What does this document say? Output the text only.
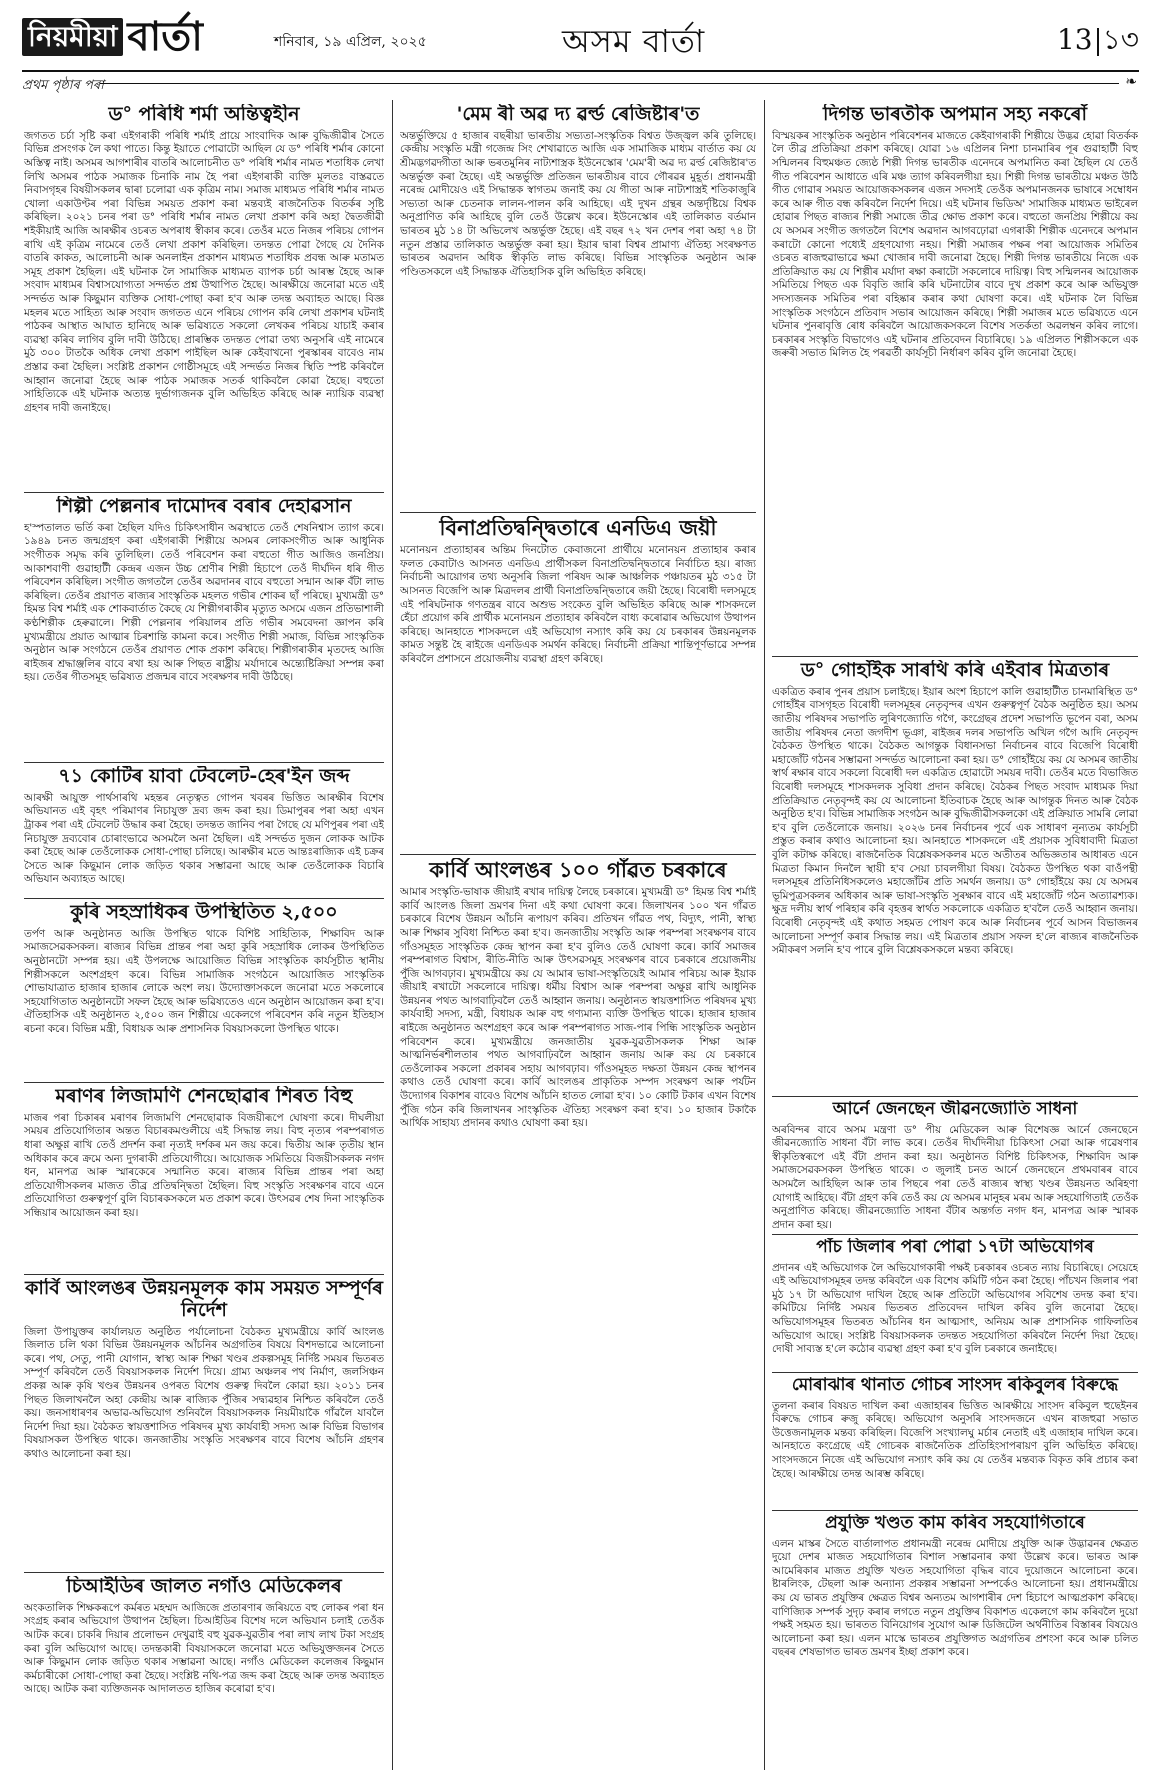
নিয়মীয়া বাৰ্তা	শনিবাৰ, ১৯ এপ্ৰিল, ২০২৫	অসম বাৰ্তা	13 ১৩
প্ৰথম পৃষ্ঠাৰ পৰা	❧
ড° পৰিধি শৰ্মা অন্তিত্বহীন

জগতত চৰ্চা সৃষ্টি কৰা এইগৰাকী পৰিধি শৰ্মাই প্ৰায়ে সাংবাদিক আৰু বুদ্ধিজীৱীৰ সৈতে বিভিন্ন প্ৰসংগক লৈ কথা পাতে। কিন্তু ইয়াতে পোৱাটো আছিল যে ড° পৰিধি শৰ্মাৰ কোনো অস্তিত্ব নাই। অসমৰ আগশাৰীৰ বাতৰি আলোচনীত ড° পৰিধি শৰ্মাৰ নামত শতাধিক লেখা লিখি অসমৰ পাঠক সমাজক চিনাকি নাম হৈ পৰা এইগৰাকী ব্যক্তি মূলতঃ বাস্তৱতে নিবাসগৃহৰ বিষয়ীসকলৰ দ্বাৰা চলোৱা এক কৃত্ৰিম নাম। সমাজ মাধ্যমত পৰিধি শৰ্মাৰ নামত খোলা একাউণ্টৰ পৰা বিভিন্ন সময়ত প্ৰকাশ কৰা মন্তব্যই ৰাজনৈতিক বিতৰ্কৰ সৃষ্টি কৰিছিল। ২০২১ চনৰ পৰা ড° পৰিধি শৰ্মাৰ নামত লেখা প্ৰকাশ কৰি অহা দ্বৈতজীৱী শইকীয়াই আজি আৰক্ষীৰ ওচৰত অপৰাধ স্বীকাৰ কৰে। তেওঁৰ মতে নিজৰ পৰিচয় গোপন ৰাখি এই কৃত্ৰিম নামেৰে তেওঁ লেখা প্ৰকাশ কৰিছিল। তদন্তত পোৱা গৈছে যে দৈনিক বাতৰি কাকত, আলোচনী আৰু অনলাইন প্ৰকাশন মাধ্যমত শতাধিক প্ৰবন্ধ আৰু মতামত সমূহ প্ৰকাশ হৈছিল। এই ঘটনাক লৈ সামাজিক মাধ্যমত ব্যাপক চৰ্চা আৰম্ভ হৈছে আৰু সংবাদ মাধ্যমৰ বিশ্বাসযোগ্যতা সন্দৰ্ভত প্ৰশ্ন উত্থাপিত হৈছে। আৰক্ষীয়ে জনোৱা মতে এই সন্দৰ্ভত আৰু কিছুমান ব্যক্তিক সোধা-পোছা কৰা হ'ব আৰু তদন্ত অব্যাহত আছে। বিজ্ঞ মহলৰ মতে সাহিত্য আৰু সংবাদ জগতত এনে পৰিচয় গোপন কৰি লেখা প্ৰকাশৰ ঘটনাই পাঠকৰ আস্থাত আঘাত হানিছে আৰু ভৱিষ্যতে সকলো লেখকৰ পৰিচয় যাচাই কৰাৰ ব্যৱস্থা কৰিব লাগিব বুলি দাবী উঠিছে। প্ৰাৰম্ভিক তদন্তত পোৱা তথ্য অনুসৰি এই নামেৰে মুঠ ৩০০ টাতকৈ অধিক লেখা প্ৰকাশ পাইছিল আৰু কেইবাখনো পুৰস্কাৰৰ বাবেও নাম প্ৰস্তাৱ কৰা হৈছিল। সংশ্লিষ্ট প্ৰকাশন গোষ্ঠীসমূহে এই সন্দৰ্ভত নিজৰ স্থিতি স্পষ্ট কৰিবলৈ আহ্বান জনোৱা হৈছে আৰু পাঠক সমাজক সতৰ্ক থাকিবলৈ কোৱা হৈছে। বহুতো সাহিত্যিকে এই ঘটনাক অত্যন্ত দুৰ্ভাগ্যজনক বুলি অভিহিত কৰিছে আৰু ন্যায়িক ব্যৱস্থা গ্ৰহণৰ দাবী জনাইছে।

শিল্পী পেল্লনাৰ দামোদৰ বৰাৰ দেহাৱসান

হ'স্পতালত ভৰ্তি কৰা হৈছিল যদিও চিকিৎসাধীন অৱস্থাতে তেওঁ শেষনিশ্বাস ত্যাগ কৰে। ১৯৪৯ চনত জন্মগ্ৰহণ কৰা এইগৰাকী শিল্পীয়ে অসমৰ লোকসংগীত আৰু আধুনিক সংগীতক সমৃদ্ধ কৰি তুলিছিল। তেওঁ পৰিবেশন কৰা বহুতো গীত আজিও জনপ্ৰিয়। আকাশবাণী গুৱাহাটী কেন্দ্ৰৰ এজন উচ্চ শ্ৰেণীৰ শিল্পী হিচাপে তেওঁ দীৰ্ঘদিন ধৰি গীত পৰিবেশন কৰিছিল। সংগীত জগতলৈ তেওঁৰ অৱদানৰ বাবে বহুতো সন্মান আৰু বঁটা লাভ কৰিছিল। তেওঁৰ প্ৰয়াণত ৰাজ্যৰ সাংস্কৃতিক মহলত গভীৰ শোকৰ ছাঁ পৰিছে। মুখ্যমন্ত্ৰী ড° হিমন্ত বিশ্ব শৰ্মাই এক শোকবাৰ্তাত কৈছে যে শিল্পীগৰাকীৰ মৃত্যুত অসমে এজন প্ৰতিভাশালী কণ্ঠশিল্পীক হেৰুৱালে। শিল্পী পেল্লনাৰ পৰিয়ালৰ প্ৰতি গভীৰ সমবেদনা জ্ঞাপন কৰি মুখ্যমন্ত্ৰীয়ে প্ৰয়াত আত্মাৰ চিৰশান্তি কামনা কৰে। সংগীত শিল্পী সমাজ, বিভিন্ন সাংস্কৃতিক অনুষ্ঠান আৰু সংগঠনে তেওঁৰ প্ৰয়াণত শোক প্ৰকাশ কৰিছে। শিল্পীগৰাকীৰ মৃতদেহ আজি ৰাইজৰ শ্ৰদ্ধাঞ্জলিৰ বাবে ৰখা হয় আৰু পিছত ৰাষ্ট্ৰীয় মৰ্যাদাৰে অন্ত্যেষ্টিক্ৰিয়া সম্পন্ন কৰা হয়। তেওঁৰ গীতসমূহ ভৱিষ্যত প্ৰজন্মৰ বাবে সংৰক্ষণৰ দাবী উঠিছে।

৭১ কোটিৰ য়াবা টেবলেট-হেৰ'ইন জব্দ

আৰক্ষী আয়ুক্ত পাৰ্থসাৰথি মহন্তৰ নেতৃত্বত গোপন খবৰৰ ভিত্তিত আৰক্ষীৰ বিশেষ অভিযানত এই বৃহৎ পৰিমাণৰ নিচাযুক্ত দ্ৰব্য জব্দ কৰা হয়। ডিমাপুৰৰ পৰা অহা এখন ট্ৰাকৰ পৰা এই টেবলেট উদ্ধাৰ কৰা হৈছে। তদন্তত জানিব পৰা গৈছে যে মণিপুৰৰ পৰা এই নিচাযুক্ত দ্ৰব্যবোৰ চোৰাংভাৱে অসমলৈ অনা হৈছিল। এই সন্দৰ্ভত দুজন লোকক আটক কৰা হৈছে আৰু তেওঁলোকক সোধা-পোছা চলিছে। আৰক্ষীৰ মতে আন্তঃৰাজ্যিক এই চক্ৰৰ সৈতে আৰু কিছুমান লোক জড়িত থকাৰ সম্ভাৱনা আছে আৰু তেওঁলোকক বিচাৰি অভিযান অব্যাহত আছে।

কুৰি সহস্ৰাধিকৰ উপস্থিতিত ২,৫০০

তৰ্পণ আৰু অনুষ্ঠানত আজি উপস্থিত থাকে বিশিষ্ট সাহিত্যিক, শিক্ষাবিদ আৰু সমাজসেৱকসকল। ৰাজ্যৰ বিভিন্ন প্ৰান্তৰ পৰা অহা কুৰি সহস্ৰাধিক লোকৰ উপস্থিতিত অনুষ্ঠানটো সম্পন্ন হয়। এই উপলক্ষে আয়োজিত বিভিন্ন সাংস্কৃতিক কাৰ্যসূচীত স্থানীয় শিল্পীসকলে অংশগ্ৰহণ কৰে। বিভিন্ন সামাজিক সংগঠনে আয়োজিত সাংস্কৃতিক শোভাযাত্ৰাত হাজাৰ হাজাৰ লোকে অংশ লয়। উদ্যোক্তাসকলে জনোৱা মতে সকলোৰে সহযোগিতাত অনুষ্ঠানটো সফল হৈছে আৰু ভৱিষ্যতেও এনে অনুষ্ঠান আয়োজন কৰা হ'ব। ঐতিহাসিক এই অনুষ্ঠানত ২,৫০০ জন শিল্পীয়ে একেলগে পৰিবেশন কৰি নতুন ইতিহাস ৰচনা কৰে। বিভিন্ন মন্ত্ৰী, বিধায়ক আৰু প্ৰশাসনিক বিষয়াসকলো উপস্থিত থাকে।

মৰাণৰ লিজামণি শেনছোৱাৰ শিৰত বিহু

মাজৰ পৰা চিকাৰৰ মৰাণৰ লিজামণি শেনছোৱাক বিজয়ীৰূপে ঘোষণা কৰে। দীঘলীয়া সময়ৰ প্ৰতিযোগিতাৰ অন্তত বিচাৰকমণ্ডলীয়ে এই সিদ্ধান্ত লয়। বিহু নৃত্যৰ পৰম্পৰাগত ধাৰা অক্ষুণ্ণ ৰাখি তেওঁ প্ৰদৰ্শন কৰা নৃত্যই দৰ্শকৰ মন জয় কৰে। দ্বিতীয় আৰু তৃতীয় স্থান অধিকাৰ কৰে ক্ৰমে অন্য দুগৰাকী প্ৰতিযোগীয়ে। আয়োজক সমিতিয়ে বিজয়ীসকলক নগদ ধন, মানপত্ৰ আৰু স্মাৰকেৰে সন্মানিত কৰে। ৰাজ্যৰ বিভিন্ন প্ৰান্তৰ পৰা অহা প্ৰতিযোগীসকলৰ মাজত তীব্ৰ প্ৰতিদ্বন্দ্বিতা হৈছিল। বিহু সংস্কৃতি সংৰক্ষণৰ বাবে এনে প্ৰতিযোগিতা গুৰুত্বপূৰ্ণ বুলি বিচাৰকসকলে মত প্ৰকাশ কৰে। উৎসৱৰ শেষ দিনা সাংস্কৃতিক সন্ধিয়াৰ আয়োজন কৰা হয়।

কাৰ্বি আংলঙৰ উন্নয়নমূলক কাম সময়ত সম্পূৰ্ণৰ নিৰ্দেশ

জিলা উপায়ুক্তৰ কাৰ্যালয়ত অনুষ্ঠিত পৰ্যালোচনা বৈঠকত মুখ্যমন্ত্ৰীয়ে কাৰ্বি আংলঙ জিলাত চলি থকা বিভিন্ন উন্নয়নমূলক আঁচনিৰ অগ্ৰগতিৰ বিষয়ে বিশদভাৱে আলোচনা কৰে। পথ, সেতু, পানী যোগান, স্বাস্থ্য আৰু শিক্ষা খণ্ডৰ প্ৰকল্পসমূহ নিৰ্দিষ্ট সময়ৰ ভিতৰত সম্পূৰ্ণ কৰিবলৈ তেওঁ বিষয়াসকলক নিৰ্দেশ দিয়ে। গ্ৰাম্য অঞ্চলৰ পথ নিৰ্মাণ, জলসিঞ্চন প্ৰকল্প আৰু কৃষি খণ্ডৰ উন্নয়নৰ ওপৰত বিশেষ গুৰুত্ব দিবলৈ কোৱা হয়। ২০১১ চনৰ পিছত জিলাখনলৈ অহা কেন্দ্ৰীয় আৰু ৰাজ্যিক পুঁজিৰ সদ্ব্যৱহাৰ নিশ্চিত কৰিবলৈ তেওঁ কয়। জনসাধাৰণৰ অভাৱ-অভিযোগ শুনিবলৈ বিষয়াসকলক নিয়মীয়াকৈ গাঁৱলৈ যাবলৈ নিৰ্দেশ দিয়া হয়। বৈঠকত স্বায়ত্তশাসিত পৰিষদৰ মুখ্য কাৰ্যবাহী সদস্য আৰু বিভিন্ন বিভাগৰ বিষয়াসকল উপস্থিত থাকে। জনজাতীয় সংস্কৃতি সংৰক্ষণৰ বাবে বিশেষ আঁচনি গ্ৰহণৰ কথাও আলোচনা কৰা হয়।

চিআইডিৰ জালত নগাঁও মেডিকেলৰ

অংকতালিক শিক্ষকৰূপে কৰ্মৰত মহম্মদ আজিজে প্ৰতাৰণাৰ জৰিয়তে বহু লোকৰ পৰা ধন সংগ্ৰহ কৰাৰ অভিযোগ উত্থাপন হৈছিল। চিআইডিৰ বিশেষ দলে অভিযান চলাই তেওঁক আটক কৰে। চাকৰি দিয়াৰ প্ৰলোভন দেখুৱাই বহু যুৱক-যুৱতীৰ পৰা লাখ লাখ টকা সংগ্ৰহ কৰা বুলি অভিযোগ আছে। তদন্তকাৰী বিষয়াসকলে জনোৱা মতে অভিযুক্তজনৰ সৈতে আৰু কিছুমান লোক জড়িত থকাৰ সম্ভাৱনা আছে। নগাঁও মেডিকেল কলেজৰ কিছুমান কৰ্মচাৰীকো সোধা-পোছা কৰা হৈছে। সংশ্লিষ্ট নথি-পত্ৰ জব্দ কৰা হৈছে আৰু তদন্ত অব্যাহত আছে। আটক কৰা ব্যক্তিজনক আদালতত হাজিৰ কৰোৱা হ'ব।

'মেম ৰী অৱ দ্য ৱৰ্ল্ড ৰেজিষ্টাৰ'ত

অন্তৰ্ভুক্তিয়ে ৫ হাজাৰ বছৰীয়া ভাৰতীয় সভ্যতা-সংস্কৃতিক বিশ্বত উজ্জ্বল কৰি তুলিছে। কেন্দ্ৰীয় সংস্কৃতি মন্ত্ৰী গজেন্দ্ৰ সিং শেখাৱাতে আজি এক সামাজিক মাধ্যম বাৰ্তাত কয় যে শ্ৰীমদ্ভগৱদ্গীতা আৰু ভৰতমুনিৰ নাট্যশাস্ত্ৰক ইউনেস্কোৰ 'মেম'ৰী অৱ দ্য ৱৰ্ল্ড ৰেজিষ্টাৰ'ত অন্তৰ্ভুক্ত কৰা হৈছে। এই অন্তৰ্ভুক্তি প্ৰতিজন ভাৰতীয়ৰ বাবে গৌৰৱৰ মুহূৰ্ত। প্ৰধানমন্ত্ৰী নৰেন্দ্ৰ মোদীয়েও এই সিদ্ধান্তক স্বাগতম জনাই কয় যে গীতা আৰু নাট্যশাস্ত্ৰই শতিকাজুৰি সভ্যতা আৰু চেতনাক লালন-পালন কৰি আহিছে। এই দুখন গ্ৰন্থৰ অন্তৰ্দৃষ্টিয়ে বিশ্বক অনুপ্ৰাণিত কৰি আহিছে বুলি তেওঁ উল্লেখ কৰে। ইউনেস্কোৰ এই তালিকাত বৰ্তমান ভাৰতৰ মুঠ ১৪ টা অভিলেখ অন্তৰ্ভুক্ত হৈছে। এই বছৰ ৭২ খন দেশৰ পৰা অহা ৭৪ টা নতুন প্ৰস্তাৱ তালিকাত অন্তৰ্ভুক্ত কৰা হয়। ইয়াৰ দ্বাৰা বিশ্বৰ প্ৰামাণ্য ঐতিহ্য সংৰক্ষণত ভাৰতৰ অৱদান অধিক স্বীকৃতি লাভ কৰিছে। বিভিন্ন সাংস্কৃতিক অনুষ্ঠান আৰু পণ্ডিতসকলে এই সিদ্ধান্তক ঐতিহাসিক বুলি অভিহিত কৰিছে।

বিনাপ্ৰতিদ্বন্দ্বিতাৰে এনডিএ জয়ী

মনোনয়ন প্ৰত্যাহাৰৰ অন্তিম দিনটোত কেবাজনো প্ৰাৰ্থীয়ে মনোনয়ন প্ৰত্যাহাৰ কৰাৰ ফলত কেবাটাও আসনত এনডিএ প্ৰাৰ্থীসকল বিনাপ্ৰতিদ্বন্দ্বিতাৰে নিৰ্বাচিত হয়। ৰাজ্য নিৰ্বাচনী আয়োগৰ তথ্য অনুসৰি জিলা পৰিষদ আৰু আঞ্চলিক পঞ্চায়তৰ মুঠ ৩১৫ টা আসনত বিজেপি আৰু মিত্ৰদলৰ প্ৰাৰ্থী বিনাপ্ৰতিদ্বন্দ্বিতাৰে জয়ী হৈছে। বিৰোধী দলসমূহে এই পৰিঘটনাক গণতন্ত্ৰৰ বাবে অশুভ সংকেত বুলি অভিহিত কৰিছে আৰু শাসকদলে হেঁচা প্ৰয়োগ কৰি প্ৰাৰ্থীক মনোনয়ন প্ৰত্যাহাৰ কৰিবলৈ বাধ্য কৰোৱাৰ অভিযোগ উত্থাপন কৰিছে। আনহাতে শাসকদলে এই অভিযোগ নস্যাৎ কৰি কয় যে চৰকাৰৰ উন্নয়নমূলক কামত সন্তুষ্ট হৈ ৰাইজে এনডিএক সমৰ্থন কৰিছে। নিৰ্বাচনী প্ৰক্ৰিয়া শান্তিপূৰ্ণভাৱে সম্পন্ন কৰিবলৈ প্ৰশাসনে প্ৰয়োজনীয় ব্যৱস্থা গ্ৰহণ কৰিছে।

কাৰ্বি আংলঙৰ ১০০ গাঁৱত চৰকাৰে

আমাৰ সংস্কৃতি-ভাষাক জীয়াই ৰখাৰ দায়িত্ব লৈছে চৰকাৰে। মুখ্যমন্ত্ৰী ড° হিমন্ত বিশ্ব শৰ্মাই কাৰ্বি আংলঙ জিলা ভ্ৰমণৰ দিনা এই কথা ঘোষণা কৰে। জিলাখনৰ ১০০ খন গাঁৱত চৰকাৰে বিশেষ উন্নয়ন আঁচনি ৰূপায়ণ কৰিব। প্ৰতিখন গাঁৱত পথ, বিদ্যুৎ, পানী, স্বাস্থ্য আৰু শিক্ষাৰ সুবিধা নিশ্চিত কৰা হ'ব। জনজাতীয় সংস্কৃতি আৰু পৰম্পৰা সংৰক্ষণৰ বাবে গাঁওসমূহত সাংস্কৃতিক কেন্দ্ৰ স্থাপন কৰা হ'ব বুলিও তেওঁ ঘোষণা কৰে। কাৰ্বি সমাজৰ পৰম্পৰাগত বিশ্বাস, ৰীতি-নীতি আৰু উৎসৱসমূহ সংৰক্ষণৰ বাবে চৰকাৰে প্ৰয়োজনীয় পুঁজি আগবঢ়াব। মুখ্যমন্ত্ৰীয়ে কয় যে আমাৰ ভাষা-সংস্কৃতিয়েই আমাৰ পৰিচয় আৰু ইয়াক জীয়াই ৰখাটো সকলোৰে দায়িত্ব। ধৰ্মীয় বিশ্বাস আৰু পৰম্পৰা অক্ষুণ্ণ ৰাখি আধুনিক উন্নয়নৰ পথত আগবাঢ়িবলৈ তেওঁ আহ্বান জনায়। অনুষ্ঠানত স্বায়ত্তশাসিত পৰিষদৰ মুখ্য কাৰ্যবাহী সদস্য, মন্ত্ৰী, বিধায়ক আৰু বহু গণ্যমান্য ব্যক্তি উপস্থিত থাকে। হাজাৰ হাজাৰ ৰাইজে অনুষ্ঠানত অংশগ্ৰহণ কৰে আৰু পৰম্পৰাগত সাজ-পাৰ পিন্ধি সাংস্কৃতিক অনুষ্ঠান পৰিবেশন কৰে। মুখ্যমন্ত্ৰীয়ে জনজাতীয় যুৱক-যুৱতীসকলক শিক্ষা আৰু আত্মনিৰ্ভৰশীলতাৰ পথত আগবাঢ়িবলৈ আহ্বান জনায় আৰু কয় যে চৰকাৰে তেওঁলোকৰ সকলো প্ৰকাৰৰ সহায় আগবঢ়াব। গাঁওসমূহত দক্ষতা উন্নয়ন কেন্দ্ৰ স্থাপনৰ কথাও তেওঁ ঘোষণা কৰে। কাৰ্বি আংলঙৰ প্ৰাকৃতিক সম্পদ সংৰক্ষণ আৰু পৰ্যটন উদ্যোগৰ বিকাশৰ বাবেও বিশেষ আঁচনি হাতত লোৱা হ'ব। ১০ কোটি টকাৰ এখন বিশেষ পুঁজি গঠন কৰি জিলাখনৰ সাংস্কৃতিক ঐতিহ্য সংৰক্ষণ কৰা হ'ব। ১০ হাজাৰ টকাকৈ আৰ্থিক সাহায্য প্ৰদানৰ কথাও ঘোষণা কৰা হয়।

দিগন্ত ভাৰতীক অপমান সহ্য নকৰোঁ

বিস্ময়কৰ সাংস্কৃতিক অনুষ্ঠান পৰিবেশনৰ মাজতে কেইবাগৰাকী শিল্পীয়ে উদ্ভৱ হোৱা বিতৰ্কক লৈ তীব্ৰ প্ৰতিক্ৰিয়া প্ৰকাশ কৰিছে। যোৱা ১৬ এপ্ৰিলৰ নিশা চানমাৰিৰ পূৰ গুৱাহাটী বিহু সন্মিলনৰ বিহুমঞ্চত জ্যেষ্ঠ শিল্পী দিগন্ত ভাৰতীক এনেদৰে অপমানিত কৰা হৈছিল যে তেওঁ গীত পৰিবেশন আধাতে এৰি মঞ্চ ত্যাগ কৰিবলগীয়া হয়। শিল্পী দিগন্ত ভাৰতীয়ে মঞ্চত উঠি গীত গোৱাৰ সময়ত আয়োজকসকলৰ এজন সদস্যই তেওঁক অপমানজনক ভাষাৰে সম্বোধন কৰে আৰু গীত বন্ধ কৰিবলৈ নিৰ্দেশ দিয়ে। এই ঘটনাৰ ভিডিঅ' সামাজিক মাধ্যমত ভাইৰেল হোৱাৰ পিছত ৰাজ্যৰ শিল্পী সমাজে তীব্ৰ ক্ষোভ প্ৰকাশ কৰে। বহুতো জনপ্ৰিয় শিল্পীয়ে কয় যে অসমৰ সংগীত জগতলৈ বিশেষ অৱদান আগবঢ়োৱা এগৰাকী শিল্পীক এনেদৰে অপমান কৰাটো কোনো পধ্যেই গ্ৰহণযোগ্য নহয়। শিল্পী সমাজৰ পক্ষৰ পৰা আয়োজক সমিতিৰ ওচৰত ৰাজহুৱাভাৱে ক্ষমা খোজাৰ দাবী জনোৱা হৈছে। শিল্পী দিগন্ত ভাৰতীয়ে নিজে এক প্ৰতিক্ৰিয়াত কয় যে শিল্পীৰ মৰ্যাদা ৰক্ষা কৰাটো সকলোৰে দায়িত্ব। বিহু সন্মিলনৰ আয়োজক সমিতিয়ে পিছত এক বিবৃতি জাৰি কৰি ঘটনাটোৰ বাবে দুখ প্ৰকাশ কৰে আৰু অভিযুক্ত সদস্যজনক সমিতিৰ পৰা বহিষ্কাৰ কৰাৰ কথা ঘোষণা কৰে। এই ঘটনাক লৈ বিভিন্ন সাংস্কৃতিক সংগঠনে প্ৰতিবাদ সভাৰ আয়োজন কৰিছে। শিল্পী সমাজৰ মতে ভৱিষ্যতে এনে ঘটনাৰ পুনৰাবৃত্তি ৰোধ কৰিবলৈ আয়োজকসকলে বিশেষ সতৰ্কতা অৱলম্বন কৰিব লাগে। চৰকাৰৰ সংস্কৃতি বিভাগেও এই ঘটনাৰ প্ৰতিবেদন বিচাৰিছে। ১৯ এপ্ৰিলত শিল্পীসকলে এক জৰুৰী সভাত মিলিত হৈ পৰৱৰ্তী কাৰ্যসূচী নিৰ্ধাৰণ কৰিব বুলি জনোৱা হৈছে।

ড° গোহাঁইক সাৰথি কৰি এইবাৰ মিত্ৰতাৰ

একত্ৰিত কৰাৰ পুনৰ প্ৰয়াস চলাইছে। ইয়াৰ অংশ হিচাপে কালি গুৱাহাটীত চানমাৰিস্থিত ড° গোহাঁইৰ বাসগৃহত বিৰোধী দলসমূহৰ নেতৃবৃন্দৰ এখন গুৰুত্বপূৰ্ণ বৈঠক অনুষ্ঠিত হয়। অসম জাতীয় পৰিষদৰ সভাপতি লুৰিণজ্যোতি গগৈ, কংগ্ৰেছৰ প্ৰদেশ সভাপতি ভূপেন বৰা, অসম জাতীয় পৰিষদৰ নেতা জগদীশ ভূঞা, ৰাইজৰ দলৰ সভাপতি অখিল গগৈ আদি নেতৃবৃন্দ বৈঠকত উপস্থিত থাকে। বৈঠকত আগন্তুক বিধানসভা নিৰ্বাচনৰ বাবে বিজেপি বিৰোধী মহাজোঁট গঠনৰ সম্ভাৱনা সন্দৰ্ভত আলোচনা কৰা হয়। ড° গোহাঁইয়ে কয় যে অসমৰ জাতীয় স্বাৰ্থ ৰক্ষাৰ বাবে সকলো বিৰোধী দল একত্ৰিত হোৱাটো সময়ৰ দাবী। তেওঁৰ মতে বিভাজিত বিৰোধী দলসমূহে শাসকদলক সুবিধা প্ৰদান কৰিছে। বৈঠকৰ পিছত সংবাদ মাধ্যমক দিয়া প্ৰতিক্ৰিয়াত নেতৃবৃন্দই কয় যে আলোচনা ইতিবাচক হৈছে আৰু আগন্তুক দিনত আৰু বৈঠক অনুষ্ঠিত হ'ব। বিভিন্ন সামাজিক সংগঠন আৰু বুদ্ধিজীৱীসকলকো এই প্ৰক্ৰিয়াত সামৰি লোৱা হ'ব বুলি তেওঁলোকে জনায়। ২০২৬ চনৰ নিৰ্বাচনৰ পূৰ্বে এক সাধাৰণ নূন্যতম কাৰ্যসূচী প্ৰস্তুত কৰাৰ কথাও আলোচনা হয়। আনহাতে শাসকদলে এই প্ৰয়াসক সুবিধাবাদী মিত্ৰতা বুলি কটাক্ষ কৰিছে। ৰাজনৈতিক বিশ্লেষকসকলৰ মতে অতীতৰ অভিজ্ঞতাৰ আধাৰত এনে মিত্ৰতা কিমান দিনলৈ স্থায়ী হ'ব সেয়া চাবলগীয়া বিষয়। বৈঠকত উপস্থিত থকা বাওঁপন্থী দলসমূহৰ প্ৰতিনিধিসকলেও মহাজোঁটৰ প্ৰতি সমৰ্থন জনায়। ড° গোহাঁইয়ে কয় যে অসমৰ ভূমিপুত্ৰসকলৰ অধিকাৰ আৰু ভাষা-সংস্কৃতি সুৰক্ষাৰ বাবে এই মহাজোঁট গঠন অত্যাৱশ্যক। ক্ষুদ্ৰ দলীয় স্বাৰ্থ পৰিহাৰ কৰি বৃহত্তৰ স্বাৰ্থত সকলোকে একত্ৰিত হ'বলৈ তেওঁ আহ্বান জনায়। বিৰোধী নেতৃবৃন্দই এই কথাত সহমত পোষণ কৰে আৰু নিৰ্বাচনৰ পূৰ্বে আসন বিভাজনৰ আলোচনা সম্পূৰ্ণ কৰাৰ সিদ্ধান্ত লয়। এই মিত্ৰতাৰ প্ৰয়াস সফল হ'লে ৰাজ্যৰ ৰাজনৈতিক সমীকৰণ সলনি হ'ব পাৰে বুলি বিশ্লেষকসকলে মন্তব্য কৰিছে।

আৰ্নে জেনছেন জীৱনজ্যোতি সাধনা

অৰবিন্দৰ বাবে অসম মন্ত্ৰণা ড° পীয় মেডিকেল আৰু বিশেষজ্ঞ আৰ্নে জেনছেনে জীৱনজ্যোতি সাধনা বঁটা লাভ কৰে। তেওঁৰ দীৰ্ঘদিনীয়া চিকিৎসা সেৱা আৰু গৱেষণাৰ স্বীকৃতিস্বৰূপে এই বঁটা প্ৰদান কৰা হয়। অনুষ্ঠানত বিশিষ্ট চিকিৎসক, শিক্ষাবিদ আৰু সমাজসেৱকসকল উপস্থিত থাকে। ৩ জুলাই চনত আৰ্নে জেনছেনে প্ৰথমবাৰৰ বাবে অসমলৈ আহিছিল আৰু তাৰ পিছৰে পৰা তেওঁ ৰাজ্যৰ স্বাস্থ্য খণ্ডৰ উন্নয়নত অৰিহণা যোগাই আহিছে। বঁটা গ্ৰহণ কৰি তেওঁ কয় যে অসমৰ মানুহৰ মৰম আৰু সহযোগিতাই তেওঁক অনুপ্ৰাণিত কৰিছে। জীৱনজ্যোতি সাধনা বঁটাৰ অন্তৰ্গত নগদ ধন, মানপত্ৰ আৰু স্মাৰক প্ৰদান কৰা হয়।

পাঁচ জিলাৰ পৰা পোৱা ১৭টা অভিযোগৰ

প্ৰদানৰ এই অভিযোগক লৈ অভিযোগকাৰী পক্ষই চৰকাৰৰ ওচৰত ন্যায় বিচাৰিছে। সেয়েহে এই অভিযোগসমূহৰ তদন্ত কৰিবলৈ এক বিশেষ কমিটি গঠন কৰা হৈছে। পাঁচখন জিলাৰ পৰা মুঠ ১৭ টা অভিযোগ দাখিল হৈছে আৰু প্ৰতিটো অভিযোগৰ সবিশেষ তদন্ত কৰা হ'ব। কমিটিয়ে নিৰ্দিষ্ট সময়ৰ ভিতৰত প্ৰতিবেদন দাখিল কৰিব বুলি জনোৱা হৈছে। অভিযোগসমূহৰ ভিতৰত আঁচনিৰ ধন আত্মসাৎ, অনিয়ম আৰু প্ৰশাসনিক গাফিলতিৰ অভিযোগ আছে। সংশ্লিষ্ট বিষয়াসকলক তদন্তত সহযোগিতা কৰিবলৈ নিৰ্দেশ দিয়া হৈছে। দোষী সাব্যস্ত হ'লে কঠোৰ ব্যৱস্থা গ্ৰহণ কৰা হ'ব বুলি চৰকাৰে জনাইছে।

মোৰাঝাৰ থানাত গোচৰ সাংসদ ৰকিবুলৰ বিৰুদ্ধে

তুলনা কৰাৰ বিষয়ত দাখিল কৰা এজাহাৰৰ ভিত্তিত আৰক্ষীয়ে সাংসদ ৰকিবুল হুছেইনৰ বিৰুদ্ধে গোচৰ ৰুজু কৰিছে। অভিযোগ অনুসৰি সাংসদজনে এখন ৰাজহুৱা সভাত উত্তেজনামূলক মন্তব্য কৰিছিল। বিজেপি সংখ্যালঘু মৰ্চাৰ নেতাই এই এজাহাৰ দাখিল কৰে। আনহাতে কংগ্ৰেছে এই গোচৰক ৰাজনৈতিক প্ৰতিহিংসাপৰায়ণ বুলি অভিহিত কৰিছে। সাংসদজনে নিজে এই অভিযোগ নস্যাৎ কৰি কয় যে তেওঁৰ মন্তব্যক বিকৃত কৰি প্ৰচাৰ কৰা হৈছে। আৰক্ষীয়ে তদন্ত আৰম্ভ কৰিছে।

প্ৰযুক্তি খণ্ডত কাম কৰিব সহযোগিতাৰে

এলন মাস্কৰ সৈতে বাৰ্তালাপত প্ৰধানমন্ত্ৰী নৰেন্দ্ৰ মোদীয়ে প্ৰযুক্তি আৰু উদ্ভাৱনৰ ক্ষেত্ৰত দুয়ো দেশৰ মাজত সহযোগিতাৰ বিশাল সম্ভাৱনাৰ কথা উল্লেখ কৰে। ভাৰত আৰু আমেৰিকাৰ মাজত প্ৰযুক্তি খণ্ডত সহযোগিতা বৃদ্ধিৰ বাবে দুয়োজনে আলোচনা কৰে। ষ্টাৰলিংক, টেছলা আৰু অন্যান্য প্ৰকল্পৰ সম্ভাৱনা সম্পৰ্কেও আলোচনা হয়। প্ৰধানমন্ত্ৰীয়ে কয় যে ভাৰত প্ৰযুক্তিৰ ক্ষেত্ৰত বিশ্বৰ অন্যতম আগশাৰীৰ দেশ হিচাপে আত্মপ্ৰকাশ কৰিছে। বাণিজ্যিক সম্পৰ্ক সুদৃঢ় কৰাৰ লগতে নতুন প্ৰযুক্তিৰ বিকাশত একেলগে কাম কৰিবলৈ দুয়ো পক্ষই সহমত হয়। ভাৰতত বিনিয়োগৰ সুযোগ আৰু ডিজিটেল অৰ্থনীতিৰ বিস্তাৰৰ বিষয়েও আলোচনা কৰা হয়। এলন মাস্কে ভাৰতৰ প্ৰযুক্তিগত অগ্ৰগতিৰ প্ৰশংসা কৰে আৰু চলিত বছৰৰ শেষভাগত ভাৰত ভ্ৰমণৰ ইচ্ছা প্ৰকাশ কৰে।
